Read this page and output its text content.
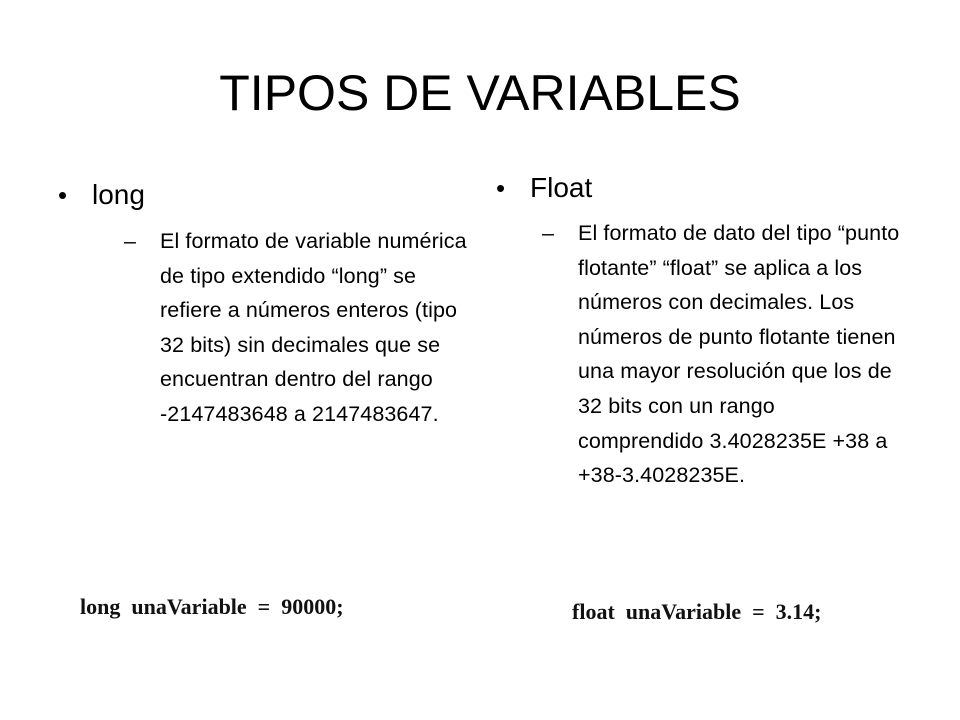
TIPOS DE VARIABLES
• long
–	El formato de variable numérica de tipo extendido “long” se refiere a números enteros (tipo 32 bits) sin decimales que se encuentran dentro del rango -2147483648 a 2147483647.
• Float
–	El formato de dato del tipo “punto flotante” “float” se aplica a los números con decimales. Los números de punto flotante tienen una mayor resolución que los de 32 bits con un rango comprendido 3.4028235E +38 a +38-3.4028235E.
long  unaVariable  =  90000;	float  unaVariable  =  3.14;
